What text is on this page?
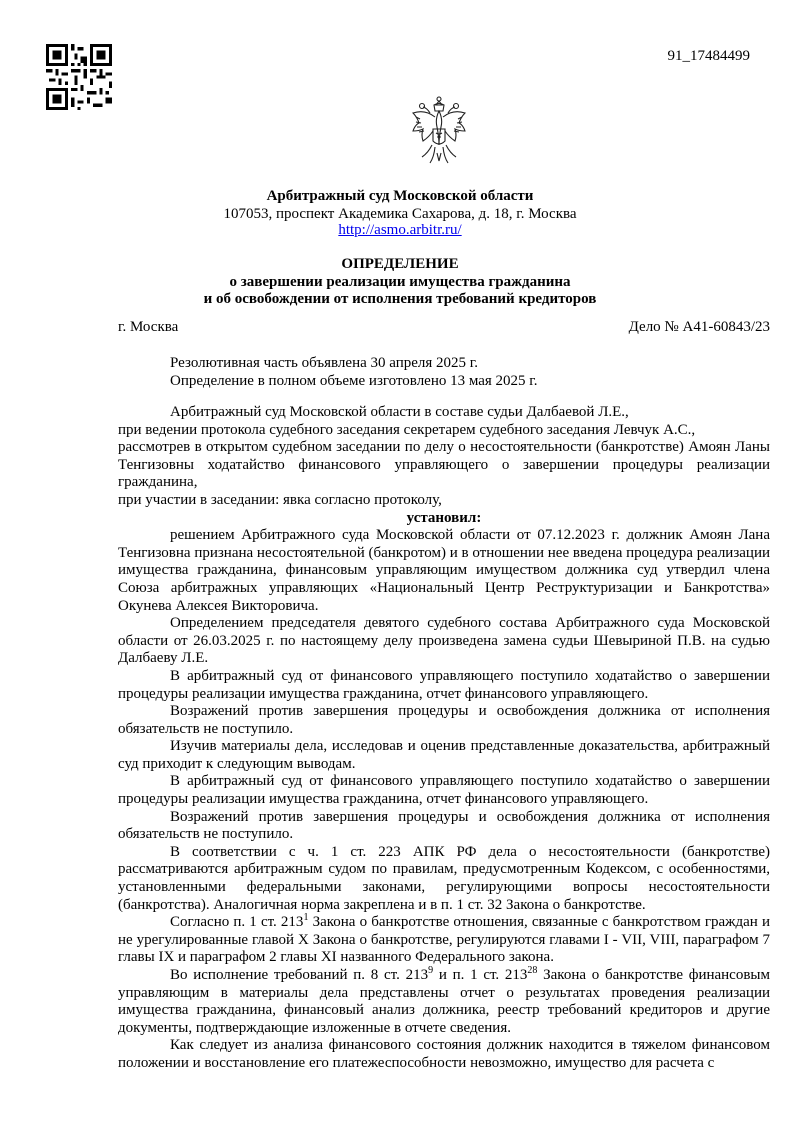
91_17484499
Арбитражный суд Московской области
107053, проспект Академика Сахарова, д. 18, г. Москва
http://asmo.arbitr.ru/
ОПРЕДЕЛЕНИЕ
о завершении реализации имущества гражданина
и об освобождении от исполнения требований кредиторов
г. Москва	Дело № А41-60843/23
Резолютивная часть объявлена 30 апреля 2025 г.
Определение в полном объеме изготовлено 13 мая 2025 г.

Арбитражный суд Московской области в составе судьи Далбаевой Л.Е.,

при ведении протокола судебного заседания секретарем судебного заседания Левчук А.С.,

рассмотрев в открытом судебном заседании по делу о несостоятельности (банкротстве) Амоян Ланы Тенгизовны ходатайство финансового управляющего о завершении процедуры реализации гражданина,

при участии в заседании: явка согласно протоколу,

установил:

решением Арбитражного суда Московской области от 07.12.2023 г. должник Амоян Лана Тенгизовна признана несостоятельной (банкротом) и в отношении нее введена процедура реализации имущества гражданина, финансовым управляющим имуществом должника суд утвердил члена Союза арбитражных управляющих «Национальный Центр Реструктуризации и Банкротства» Окунева Алексея Викторовича.

Определением председателя девятого судебного состава Арбитражного суда Московской области от 26.03.2025 г. по настоящему делу произведена замена судьи Шевыриной П.В. на судью Далбаеву Л.Е.

В арбитражный суд от финансового управляющего поступило ходатайство о завершении процедуры реализации имущества гражданина, отчет финансового управляющего.

Возражений против завершения процедуры и освобождения должника от исполнения обязательств не поступило.

Изучив материалы дела, исследовав и оценив представленные доказательства, арбитражный суд приходит к следующим выводам.

В арбитражный суд от финансового управляющего поступило ходатайство о завершении процедуры реализации имущества гражданина, отчет финансового управляющего.

Возражений против завершения процедуры и освобождения должника от исполнения обязательств не поступило.

В соответствии с ч. 1 ст. 223 АПК РФ дела о несостоятельности (банкротстве) рассматриваются арбитражным судом по правилам, предусмотренным Кодексом, с особенностями, установленными федеральными законами, регулирующими вопросы несостоятельности (банкротства). Аналогичная норма закреплена и в п. 1 ст. 32 Закона о банкротстве.

Согласно п. 1 ст. $213^1$ Закона о банкротстве отношения, связанные с банкротством граждан и не урегулированные главой X Закона о банкротстве, регулируются главами I - VII, VIII, параграфом 7 главы IX и параграфом 2 главы XI названного Федерального закона.

Во исполнение требований п. 8 ст. $213^9$ и п. 1 ст. $213^{28}$ Закона о банкротстве финансовым управляющим в материалы дела представлены отчет о результатах проведения реализации имущества гражданина, финансовый анализ должника, реестр требований кредиторов и другие документы, подтверждающие изложенные в отчете сведения.

Как следует из анализа финансового состояния должник находится в тяжелом финансовом положении и восстановление его платежеспособности невозможно, имущество для расчета с
